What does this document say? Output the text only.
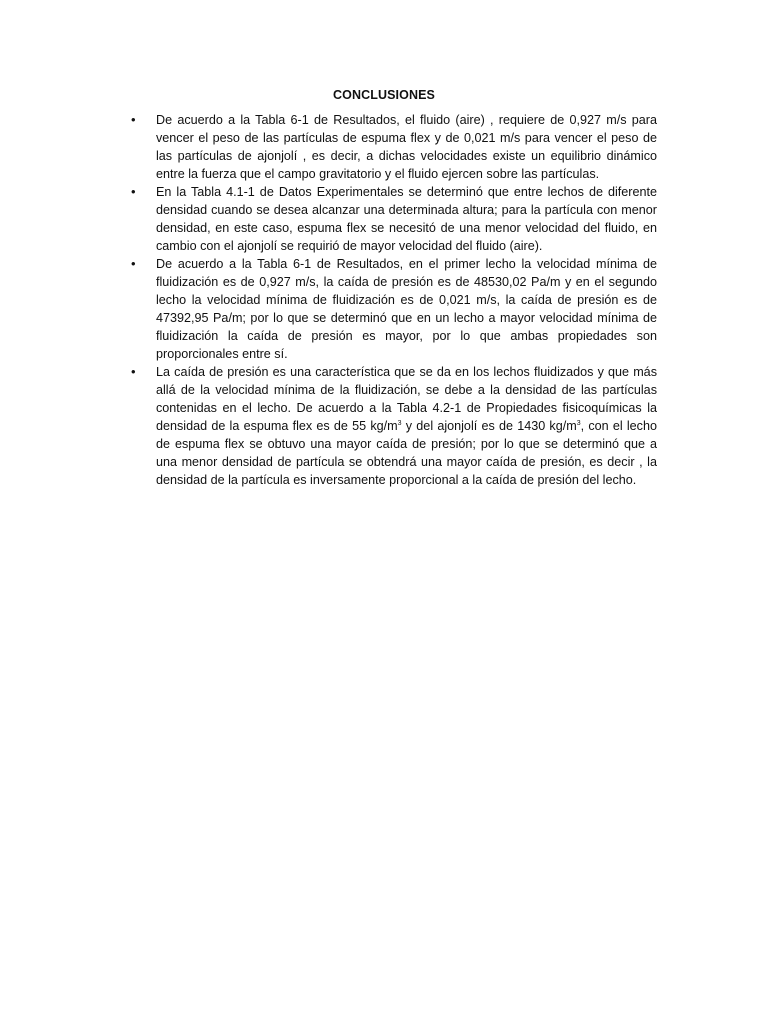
CONCLUSIONES
• De acuerdo a la Tabla 6-1 de Resultados, el fluido (aire) , requiere de 0,927 m/s para vencer el peso de las partículas de espuma flex y de 0,021 m/s para vencer el peso de las partículas de ajonjolí , es decir, a dichas velocidades existe un equilibrio dinámico entre la fuerza que el campo gravitatorio y el fluido ejercen sobre las partículas.
• En la Tabla 4.1-1 de Datos Experimentales se determinó que entre lechos de diferente densidad cuando se desea alcanzar una determinada altura; para la partícula con menor densidad, en este caso, espuma flex se necesitó de una menor velocidad del fluido, en cambio con el ajonjolí se requirió de mayor velocidad del fluido (aire).
• De acuerdo a la Tabla 6-1 de Resultados, en el primer lecho la velocidad mínima de fluidización es de 0,927 m/s, la caída de presión es de 48530,02 Pa/m y en el segundo lecho la velocidad mínima de fluidización es de 0,021 m/s, la caída de presión es de 47392,95 Pa/m; por lo que se determinó que en un lecho a mayor velocidad mínima de fluidización la caída de presión es mayor, por lo que ambas propiedades son proporcionales entre sí.
• La caída de presión es una característica que se da en los lechos fluidizados y que más allá de la velocidad mínima de la fluidización, se debe a la densidad de las partículas contenidas en el lecho. De acuerdo a la Tabla 4.2-1 de Propiedades fisicoquímicas la densidad de la espuma flex es de 55 $kg/m^3$ y del ajonjolí es de 1430 $kg/m^3$, con el lecho de espuma flex se obtuvo una mayor caída de presión; por lo que se determinó que a una menor densidad de partícula se obtendrá una mayor caída de presión, es decir , la densidad de la partícula es inversamente proporcional a la caída de presión del lecho.
